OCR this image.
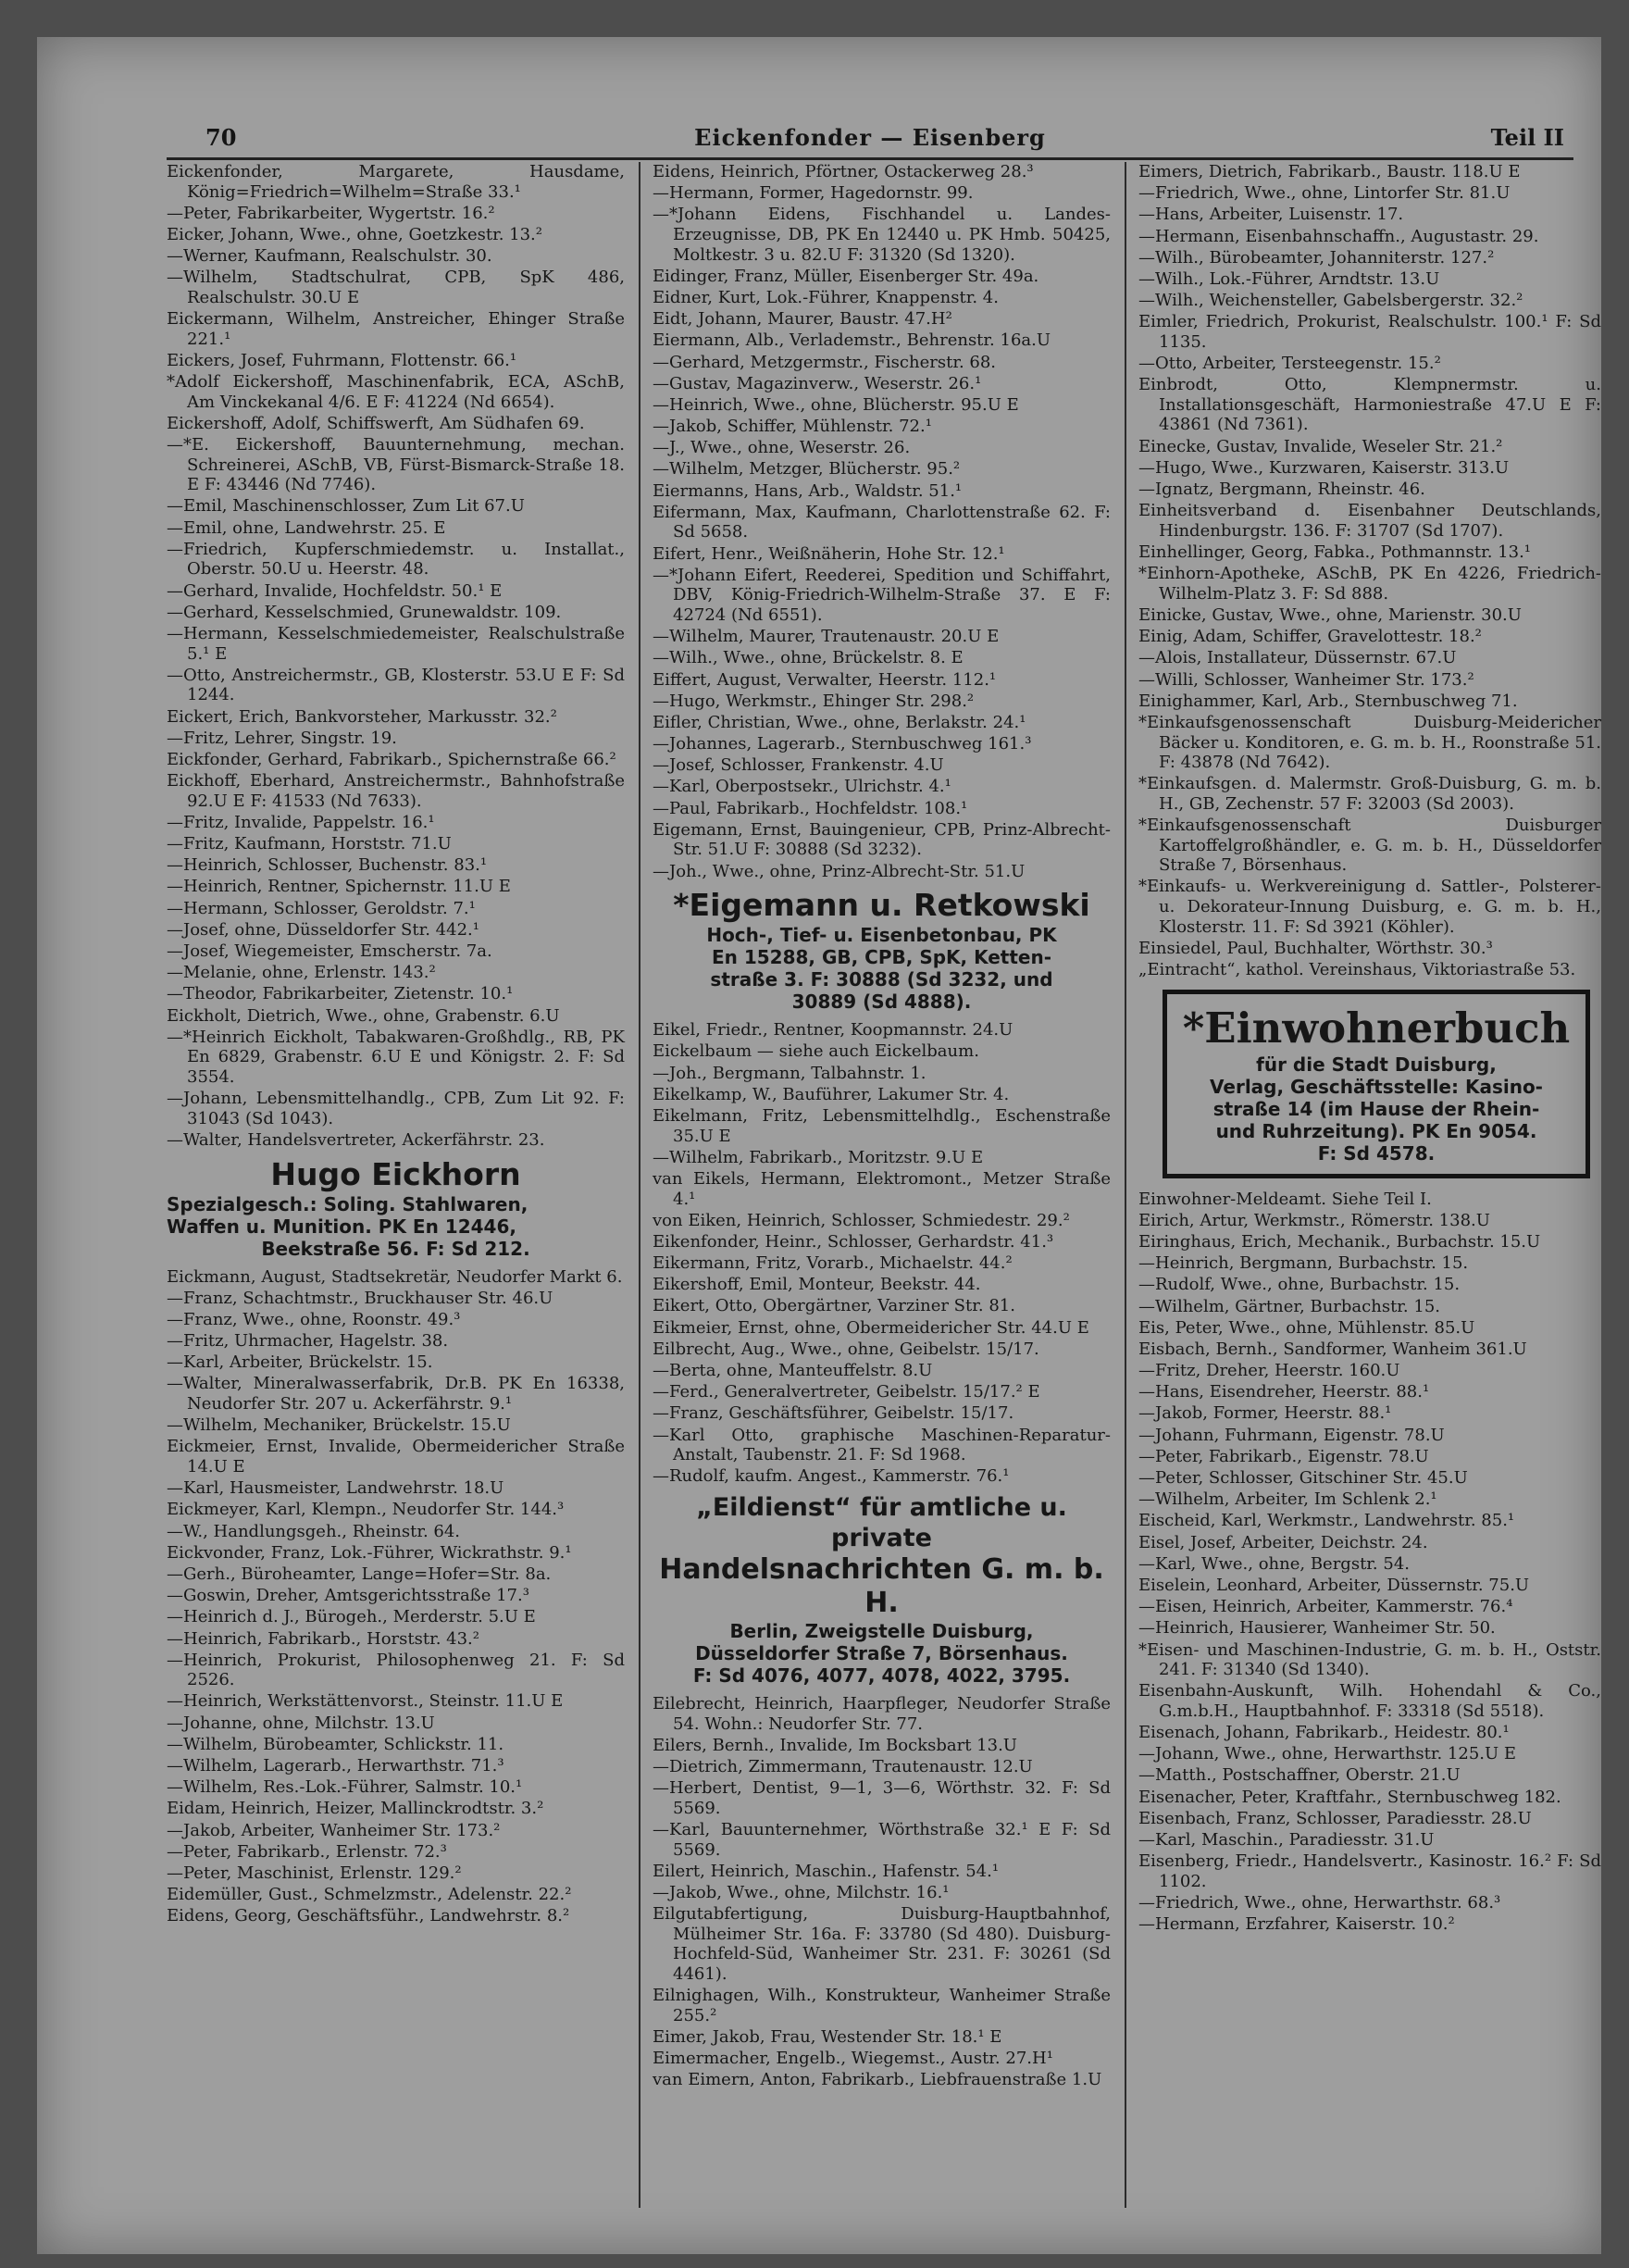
70	Eickenfonder — Eisenberg	Teil II
Eickenfonder, Margarete, Hausdame, König=Friedrich=Wilhelm=Straße 33.¹
—Peter, Fabrikarbeiter, Wygertstr. 16.²
Eicker, Johann, Wwe., ohne, Goetzkestr. 13.²
—Werner, Kaufmann, Realschulstr. 30.
—Wilhelm, Stadtschulrat, CPB, SpK 486, Realschulstr. 30.U E
Eickermann, Wilhelm, Anstreicher, Ehinger Straße 221.¹
Eickers, Josef, Fuhrmann, Flottenstr. 66.¹
*Adolf Eickershoff, Maschinenfabrik, ECA, ASchB, Am Vinckekanal 4/6. E F: 41224 (Nd 6654).
Eickershoff, Adolf, Schiffswerft, Am Südhafen 69.
—*E. Eickershoff, Bauunternehmung, mechan. Schreinerei, ASchB, VB, Fürst-Bismarck-Straße 18. E F: 43446 (Nd 7746).
—Emil, Maschinenschlosser, Zum Lit 67.U
—Emil, ohne, Landwehrstr. 25. E
—Friedrich, Kupferschmiedemstr. u. Installat., Oberstr. 50.U u. Heerstr. 48.
—Gerhard, Invalide, Hochfeldstr. 50.¹ E
—Gerhard, Kesselschmied, Grunewaldstr. 109.
—Hermann, Kesselschmiedemeister, Realschulstraße 5.¹ E
—Otto, Anstreichermstr., GB, Klosterstr. 53.U E F: Sd 1244.
Eickert, Erich, Bankvorsteher, Markusstr. 32.²
—Fritz, Lehrer, Singstr. 19.
Eickfonder, Gerhard, Fabrikarb., Spichernstraße 66.²
Eickhoff, Eberhard, Anstreichermstr., Bahnhofstraße 92.U E F: 41533 (Nd 7633).
—Fritz, Invalide, Pappelstr. 16.¹
—Fritz, Kaufmann, Horststr. 71.U
—Heinrich, Schlosser, Buchenstr. 83.¹
—Heinrich, Rentner, Spichernstr. 11.U E
—Hermann, Schlosser, Geroldstr. 7.¹
—Josef, ohne, Düsseldorfer Str. 442.¹
—Josef, Wiegemeister, Emscherstr. 7a.
—Melanie, ohne, Erlenstr. 143.²
—Theodor, Fabrikarbeiter, Zietenstr. 10.¹
Eickholt, Dietrich, Wwe., ohne, Grabenstr. 6.U
—*Heinrich Eickholt, Tabakwaren-Großhdlg., RB, PK En 6829, Grabenstr. 6.U E und Königstr. 2. F: Sd 3554.
—Johann, Lebensmittelhandlg., CPB, Zum Lit 92. F: 31043 (Sd 1043).
—Walter, Handelsvertreter, Ackerfährstr. 23.
Hugo Eickhorn
Spezialgesch.: Soling. Stahlwaren,
Waffen u. Munition. PK En 12446,
Beekstraße 56. F: Sd 212.
Eickmann, August, Stadtsekretär, Neudorfer Markt 6.
—Franz, Schachtmstr., Bruckhauser Str. 46.U
—Franz, Wwe., ohne, Roonstr. 49.³
—Fritz, Uhrmacher, Hagelstr. 38.
—Karl, Arbeiter, Brückelstr. 15.
—Walter, Mineralwasserfabrik, Dr.B. PK En 16338, Neudorfer Str. 207 u. Ackerfährstr. 9.¹
—Wilhelm, Mechaniker, Brückelstr. 15.U
Eickmeier, Ernst, Invalide, Obermeidericher Straße 14.U E
—Karl, Hausmeister, Landwehrstr. 18.U
Eickmeyer, Karl, Klempn., Neudorfer Str. 144.³
—W., Handlungsgeh., Rheinstr. 64.
Eickvonder, Franz, Lok.-Führer, Wickrathstr. 9.¹
—Gerh., Büroheamter, Lange=Hofer=Str. 8a.
—Goswin, Dreher, Amtsgerichtsstraße 17.³
—Heinrich d. J., Bürogeh., Merderstr. 5.U E
—Heinrich, Fabrikarb., Horststr. 43.²
—Heinrich, Prokurist, Philosophenweg 21. F: Sd 2526.
—Heinrich, Werkstättenvorst., Steinstr. 11.U E
—Johanne, ohne, Milchstr. 13.U
—Wilhelm, Bürobeamter, Schlickstr. 11.
—Wilhelm, Lagerarb., Herwarthstr. 71.³
—Wilhelm, Res.-Lok.-Führer, Salmstr. 10.¹
Eidam, Heinrich, Heizer, Mallinckrodtstr. 3.²
—Jakob, Arbeiter, Wanheimer Str. 173.²
—Peter, Fabrikarb., Erlenstr. 72.³
—Peter, Maschinist, Erlenstr. 129.²
Eidemüller, Gust., Schmelzmstr., Adelenstr. 22.²
Eidens, Georg, Geschäftsführ., Landwehrstr. 8.²
Eidens, Heinrich, Pförtner, Ostackerweg 28.³
—Hermann, Former, Hagedornstr. 99.
—*Johann Eidens, Fischhandel u. Landes-Erzeugnisse, DB, PK En 12440 u. PK Hmb. 50425, Moltkestr. 3 u. 82.U F: 31320 (Sd 1320).
Eidinger, Franz, Müller, Eisenberger Str. 49a.
Eidner, Kurt, Lok.-Führer, Knappenstr. 4.
Eidt, Johann, Maurer, Baustr. 47.H²
Eiermann, Alb., Verlademstr., Behrenstr. 16a.U
—Gerhard, Metzgermstr., Fischerstr. 68.
—Gustav, Magazinverw., Weserstr. 26.¹
—Heinrich, Wwe., ohne, Blücherstr. 95.U E
—Jakob, Schiffer, Mühlenstr. 72.¹
—J., Wwe., ohne, Weserstr. 26.
—Wilhelm, Metzger, Blücherstr. 95.²
Eiermanns, Hans, Arb., Waldstr. 51.¹
Eifermann, Max, Kaufmann, Charlottenstraße 62. F: Sd 5658.
Eifert, Henr., Weißnäherin, Hohe Str. 12.¹
—*Johann Eifert, Reederei, Spedition und Schiffahrt, DBV, König-Friedrich-Wilhelm-Straße 37. E F: 42724 (Nd 6551).
—Wilhelm, Maurer, Trautenaustr. 20.U E
—Wilh., Wwe., ohne, Brückelstr. 8. E
Eiffert, August, Verwalter, Heerstr. 112.¹
—Hugo, Werkmstr., Ehinger Str. 298.²
Eifler, Christian, Wwe., ohne, Berlakstr. 24.¹
—Johannes, Lagerarb., Sternbuschweg 161.³
—Josef, Schlosser, Frankenstr. 4.U
—Karl, Oberpostsekr., Ulrichstr. 4.¹
—Paul, Fabrikarb., Hochfeldstr. 108.¹
Eigemann, Ernst, Bauingenieur, CPB, Prinz-Albrecht-Str. 51.U F: 30888 (Sd 3232).
—Joh., Wwe., ohne, Prinz-Albrecht-Str. 51.U
*Eigemann u. Retkowski
Hoch-, Tief- u. Eisenbetonbau, PK
En 15288, GB, CPB, SpK, Ketten-
straße 3. F: 30888 (Sd 3232, und
30889 (Sd 4888).
Eikel, Friedr., Rentner, Koopmannstr. 24.U
Eickelbaum — siehe auch Eickelbaum.
—Joh., Bergmann, Talbahnstr. 1.
Eikelkamp, W., Bauführer, Lakumer Str. 4.
Eikelmann, Fritz, Lebensmittelhdlg., Eschenstraße 35.U E
—Wilhelm, Fabrikarb., Moritzstr. 9.U E
van Eikels, Hermann, Elektromont., Metzer Straße 4.¹
von Eiken, Heinrich, Schlosser, Schmiedestr. 29.²
Eikenfonder, Heinr., Schlosser, Gerhardstr. 41.³
Eikermann, Fritz, Vorarb., Michaelstr. 44.²
Eikershoff, Emil, Monteur, Beekstr. 44.
Eikert, Otto, Obergärtner, Varziner Str. 81.
Eikmeier, Ernst, ohne, Obermeidericher Str. 44.U E
Eilbrecht, Aug., Wwe., ohne, Geibelstr. 15/17.
—Berta, ohne, Manteuffelstr. 8.U
—Ferd., Generalvertreter, Geibelstr. 15/17.² E
—Franz, Geschäftsführer, Geibelstr. 15/17.
—Karl Otto, graphische Maschinen-Reparatur-Anstalt, Taubenstr. 21. F: Sd 1968.
—Rudolf, kaufm. Angest., Kammerstr. 76.¹
„Eildienst“ für amtliche u. private
Handelsnachrichten G. m. b. H.
Berlin, Zweigstelle Duisburg,
Düsseldorfer Straße 7, Börsenhaus.
F: Sd 4076, 4077, 4078, 4022, 3795.
Eilebrecht, Heinrich, Haarpfleger, Neudorfer Straße 54. Wohn.: Neudorfer Str. 77.
Eilers, Bernh., Invalide, Im Bocksbart 13.U
—Dietrich, Zimmermann, Trautenaustr. 12.U
—Herbert, Dentist, 9—1, 3—6, Wörthstr. 32. F: Sd 5569.
—Karl, Bauunternehmer, Wörthstraße 32.¹ E F: Sd 5569.
Eilert, Heinrich, Maschin., Hafenstr. 54.¹
—Jakob, Wwe., ohne, Milchstr. 16.¹
Eilgutabfertigung, Duisburg-Hauptbahnhof, Mülheimer Str. 16a. F: 33780 (Sd 480). Duisburg-Hochfeld-Süd, Wanheimer Str. 231. F: 30261 (Sd 4461).
Eilnighagen, Wilh., Konstrukteur, Wanheimer Straße 255.²
Eimer, Jakob, Frau, Westender Str. 18.¹ E
Eimermacher, Engelb., Wiegemst., Austr. 27.H¹
van Eimern, Anton, Fabrikarb., Liebfrauenstraße 1.U
Eimers, Dietrich, Fabrikarb., Baustr. 118.U E
—Friedrich, Wwe., ohne, Lintorfer Str. 81.U
—Hans, Arbeiter, Luisenstr. 17.
—Hermann, Eisenbahnschaffn., Augustastr. 29.
—Wilh., Bürobeamter, Johanniterstr. 127.²
—Wilh., Lok.-Führer, Arndtstr. 13.U
—Wilh., Weichensteller, Gabelsbergerstr. 32.²
Eimler, Friedrich, Prokurist, Realschulstr. 100.¹ F: Sd 1135.
—Otto, Arbeiter, Tersteegenstr. 15.²
Einbrodt, Otto, Klempnermstr. u. Installationsgeschäft, Harmoniestraße 47.U E F: 43861 (Nd 7361).
Einecke, Gustav, Invalide, Weseler Str. 21.²
—Hugo, Wwe., Kurzwaren, Kaiserstr. 313.U
—Ignatz, Bergmann, Rheinstr. 46.
Einheitsverband d. Eisenbahner Deutschlands, Hindenburgstr. 136. F: 31707 (Sd 1707).
Einhellinger, Georg, Fabka., Pothmannstr. 13.¹
*Einhorn-Apotheke, ASchB, PK En 4226, Friedrich-Wilhelm-Platz 3. F: Sd 888.
Einicke, Gustav, Wwe., ohne, Marienstr. 30.U
Einig, Adam, Schiffer, Gravelottestr. 18.²
—Alois, Installateur, Düssernstr. 67.U
—Willi, Schlosser, Wanheimer Str. 173.²
Einighammer, Karl, Arb., Sternbuschweg 71.
*Einkaufsgenossenschaft Duisburg-Meidericher Bäcker u. Konditoren, e. G. m. b. H., Roonstraße 51. F: 43878 (Nd 7642).
*Einkaufsgen. d. Malermstr. Groß-Duisburg, G. m. b. H., GB, Zechenstr. 57 F: 32003 (Sd 2003).
*Einkaufsgenossenschaft Duisburger Kartoffelgroßhändler, e. G. m. b. H., Düsseldorfer Straße 7, Börsenhaus.
*Einkaufs- u. Werkvereinigung d. Sattler-, Polsterer- u. Dekorateur-Innung Duisburg, e. G. m. b. H., Klosterstr. 11. F: Sd 3921 (Köhler).
Einsiedel, Paul, Buchhalter, Wörthstr. 30.³
„Eintracht“, kathol. Vereinshaus, Viktoriastraße 53.
*Einwohnerbuch
für die Stadt Duisburg,
Verlag, Geschäftsstelle: Kasino-
straße 14 (im Hause der Rhein-
und Ruhrzeitung). PK En 9054.
F: Sd 4578.
Einwohner-Meldeamt. Siehe Teil I.
Eirich, Artur, Werkmstr., Römerstr. 138.U
Eiringhaus, Erich, Mechanik., Burbachstr. 15.U
—Heinrich, Bergmann, Burbachstr. 15.
—Rudolf, Wwe., ohne, Burbachstr. 15.
—Wilhelm, Gärtner, Burbachstr. 15.
Eis, Peter, Wwe., ohne, Mühlenstr. 85.U
Eisbach, Bernh., Sandformer, Wanheim 361.U
—Fritz, Dreher, Heerstr. 160.U
—Hans, Eisendreher, Heerstr. 88.¹
—Jakob, Former, Heerstr. 88.¹
—Johann, Fuhrmann, Eigenstr. 78.U
—Peter, Fabrikarb., Eigenstr. 78.U
—Peter, Schlosser, Gitschiner Str. 45.U
—Wilhelm, Arbeiter, Im Schlenk 2.¹
Eischeid, Karl, Werkmstr., Landwehrstr. 85.¹
Eisel, Josef, Arbeiter, Deichstr. 24.
—Karl, Wwe., ohne, Bergstr. 54.
Eiselein, Leonhard, Arbeiter, Düssernstr. 75.U
—Eisen, Heinrich, Arbeiter, Kammerstr. 76.⁴
—Heinrich, Hausierer, Wanheimer Str. 50.
*Eisen- und Maschinen-Industrie, G. m. b. H., Oststr. 241. F: 31340 (Sd 1340).
Eisenbahn-Auskunft, Wilh. Hohendahl & Co., G.m.b.H., Hauptbahnhof. F: 33318 (Sd 5518).
Eisenach, Johann, Fabrikarb., Heidestr. 80.¹
—Johann, Wwe., ohne, Herwarthstr. 125.U E
—Matth., Postschaffner, Oberstr. 21.U
Eisenacher, Peter, Kraftfahr., Sternbuschweg 182.
Eisenbach, Franz, Schlosser, Paradiesstr. 28.U
—Karl, Maschin., Paradiesstr. 31.U
Eisenberg, Friedr., Handelsvertr., Kasinostr. 16.² F: Sd 1102.
—Friedrich, Wwe., ohne, Herwarthstr. 68.³
—Hermann, Erzfahrer, Kaiserstr. 10.²
